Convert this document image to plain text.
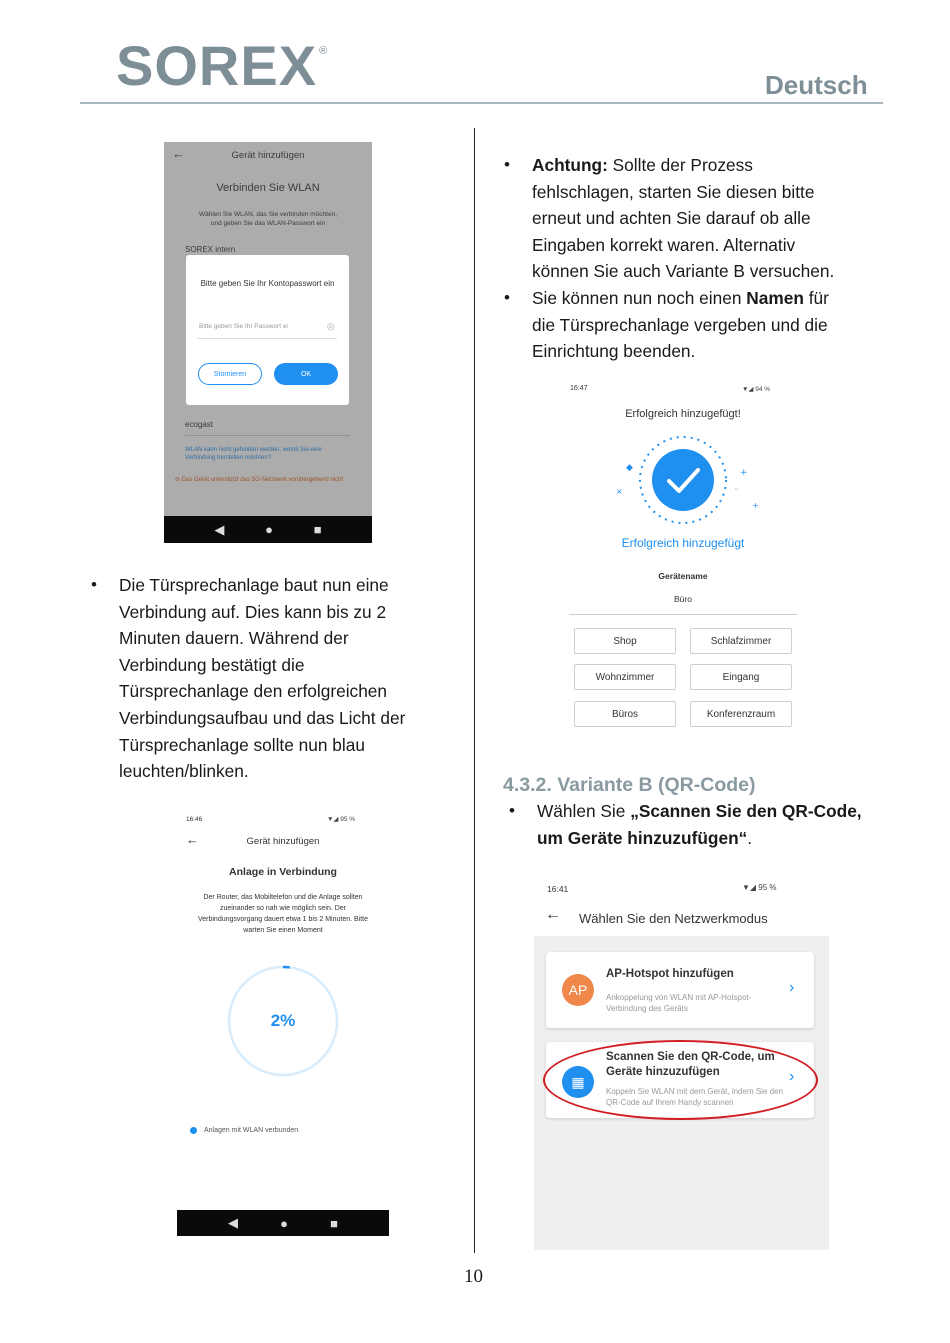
SOREX ®
Deutsch
←	Gerät hinzufügen
Verbinden Sie WLAN
Wählen Sie WLAN, das Sie verbinden möchten, und geben Sie das WLAN-Passwort ein
SOREX intern
ecogast
WLAN kann nicht gefunden werden, womit Sie eine Verbindung herstellen möchten?
⊘ Das Gerät unterstützt das 5G-Netzwerk vorübergehend nicht
Bitte geben Sie Ihr Kontopasswort ein
Bitte geben Sie Ihr Passwort ei	◎
Stornieren	OK
◀	●	■
• Die Türsprechanlage baut nun eine Verbindung auf. Dies kann bis zu 2 Minuten dauern. Während der Verbindung bestätigt die Türsprechanlage den erfolgreichen Verbindungsaufbau und das Licht der Türsprechanlage sollte nun blau leuchten/blinken.
16:46	▼◢ 95 %
←	Gerät hinzufügen
Anlage in Verbindung
Der Router, das Mobiltelefon und die Anlage sollten zueinander so nah wie möglich sein. Der Verbindungsvorgang dauert etwa 1 bis 2 Minuten. Bitte warten Sie einen Moment
2%
Anlagen mit WLAN verbunden
◀	●	■
• Achtung: Sollte der Prozess fehlschlagen, starten Sie diesen bitte erneut und achten Sie darauf ob alle Eingaben korrekt waren. Alternativ können Sie auch Variante B versuchen.
• Sie können nun noch einen Namen für die Türsprechanlage vergeben und die Einrichtung beenden.
16:47	▼◢ 94 %
Erfolgreich hinzugefügt!
◆	+
◦
+
×
Erfolgreich hinzugefügt
Gerätename
Büro
Shop	Schlafzimmer
Wohnzimmer	Eingang
Büros	Konferenzraum
4.3.2. Variante B (QR-Code)
• Wählen Sie „Scannen Sie den QR-Code, um Geräte hinzuzufügen“.
16:41	▼◢ 95 %
← Wählen Sie den Netzwerkmodus
AP
AP-Hotspot hinzufügen
Ankoppelung von WLAN mit AP-Hotspot-Verbindung des Geräts
›
▦
Scannen Sie den QR-Code, um Geräte hinzuzufügen
Koppeln Sie WLAN mit dem Gerät, indem Sie den QR-Code auf Ihrem Handy scannen
›
10
